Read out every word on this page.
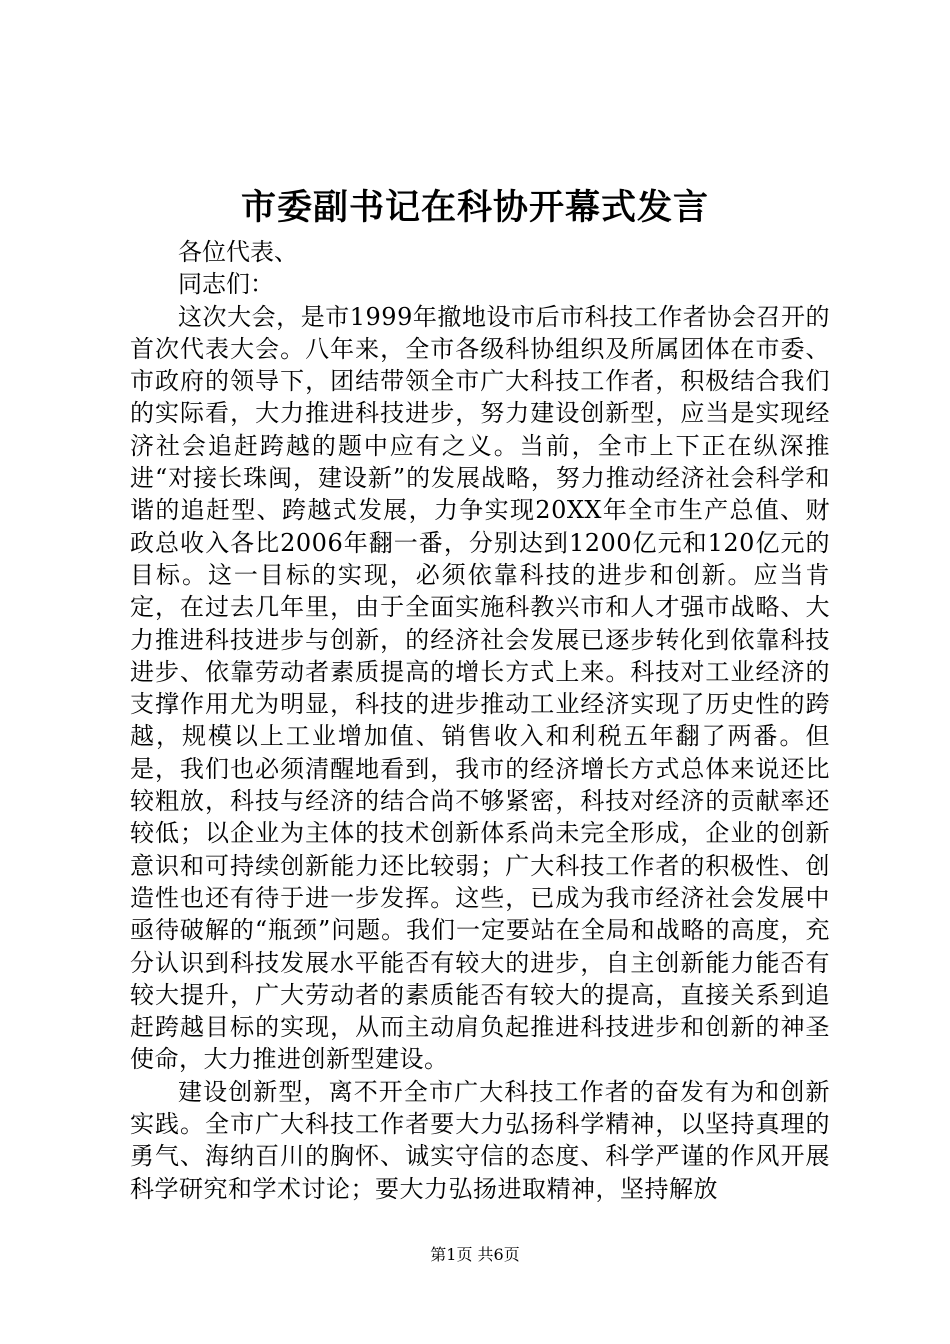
市委副书记在科协开幕式发言

各位代表、

同志们：

这次大会，是市1999年撤地设市后市科技工作者协会召开的首次代表大会。八年来，全市各级科协组织及所属团体在市委、市政府的领导下，团结带领全市广大科技工作者，积极结合我们的实际看，大力推进科技进步，努力建设创新型，应当是实现经济社会追赶跨越的题中应有之义。当前，全市上下正在纵深推进“对接长珠闽，建设新”的发展战略，努力推动经济社会科学和谐的追赶型、跨越式发展，力争实现20XX年全市生产总值、财政总收入各比2006年翻一番，分别达到1200亿元和120亿元的目标。这一目标的实现，必须依靠科技的进步和创新。应当肯定，在过去几年里，由于全面实施科教兴市和人才强市战略、大力推进科技进步与创新，的经济社会发展已逐步转化到依靠科技进步、依靠劳动者素质提高的增长方式上来。科技对工业经济的支撑作用尤为明显，科技的进步推动工业经济实现了历史性的跨越，规模以上工业增加值、销售收入和利税五年翻了两番。但是，我们也必须清醒地看到，我市的经济增长方式总体来说还比较粗放，科技与经济的结合尚不够紧密，科技对经济的贡献率还较低；以企业为主体的技术创新体系尚未完全形成，企业的创新意识和可持续创新能力还比较弱；广大科技工作者的积极性、创造性也还有待于进一步发挥。这些，已成为我市经济社会发展中亟待破解的“瓶颈”问题。我们一定要站在全局和战略的高度，充分认识到科技发展水平能否有较大的进步，自主创新能力能否有较大提升，广大劳动者的素质能否有较大的提高，直接关系到追赶跨越目标的实现，从而主动肩负起推进科技进步和创新的神圣使命，大力推进创新型建设。

建设创新型，离不开全市广大科技工作者的奋发有为和创新实践。全市广大科技工作者要大力弘扬科学精神，以坚持真理的勇气、海纳百川的胸怀、诚实守信的态度、科学严谨的作风开展科学研究和学术讨论；要大力弘扬进取精神，坚持解放

第1页 共6页
